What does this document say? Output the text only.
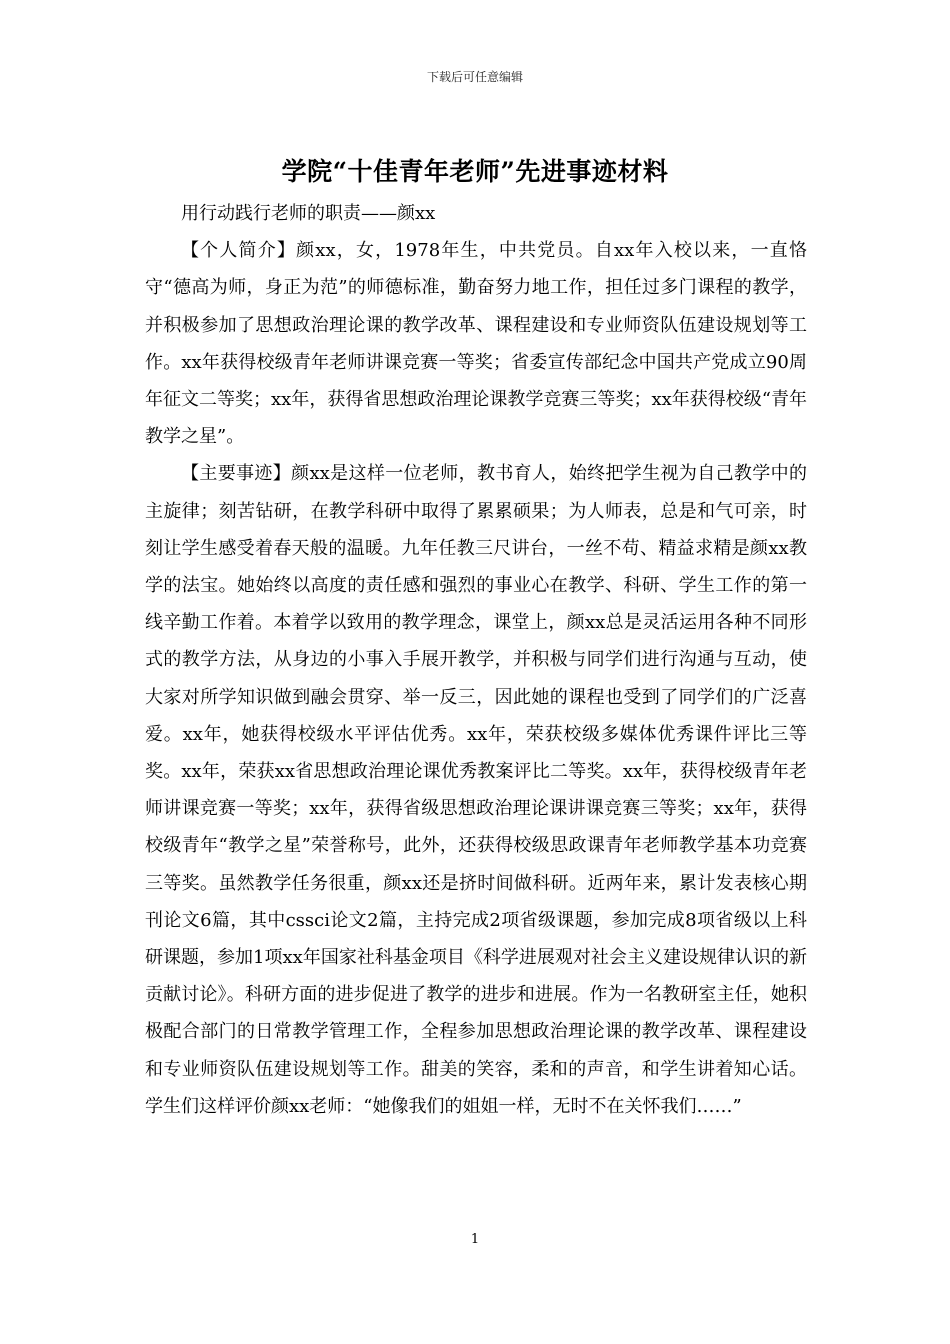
下载后可任意编辑
学院“十佳青年老师”先进事迹材料

用行动践行老师的职责——颜xx

【个人简介】颜xx，女，1978年生，中共党员。自xx年入校以来，一直恪守“德高为师，身正为范”的师德标准，勤奋努力地工作，担任过多门课程的教学，并积极参加了思想政治理论课的教学改革、课程建设和专业师资队伍建设规划等工作。xx年获得校级青年老师讲课竞赛一等奖；省委宣传部纪念中国共产党成立90周年征文二等奖；xx年，获得省思想政治理论课教学竞赛三等奖；xx年获得校级“青年教学之星”。

【主要事迹】颜xx是这样一位老师，教书育人，始终把学生视为自己教学中的主旋律；刻苦钻研，在教学科研中取得了累累硕果；为人师表，总是和气可亲，时刻让学生感受着春天般的温暖。九年任教三尺讲台，一丝不苟、精益求精是颜xx教学的法宝。她始终以高度的责任感和强烈的事业心在教学、科研、学生工作的第一线辛勤工作着。本着学以致用的教学理念，课堂上，颜xx总是灵活运用各种不同形式的教学方法，从身边的小事入手展开教学，并积极与同学们进行沟通与互动，使大家对所学知识做到融会贯穿、举一反三，因此她的课程也受到了同学们的广泛喜爱。xx年，她获得校级水平评估优秀。xx年，荣获校级多媒体优秀课件评比三等奖。xx年，荣获xx省思想政治理论课优秀教案评比二等奖。xx年，获得校级青年老师讲课竞赛一等奖；xx年，获得省级思想政治理论课讲课竞赛三等奖；xx年，获得校级青年“教学之星”荣誉称号，此外，还获得校级思政课青年老师教学基本功竞赛三等奖。虽然教学任务很重，颜xx还是挤时间做科研。近两年来，累计发表核心期刊论文6篇，其中cssci论文2篇，主持完成2项省级课题，参加完成8项省级以上科研课题，参加1项xx年国家社科基金项目《科学进展观对社会主义建设规律认识的新贡献讨论》。科研方面的进步促进了教学的进步和进展。作为一名教研室主任，她积极配合部门的日常教学管理工作，全程参加思想政治理论课的教学改革、课程建设和专业师资队伍建设规划等工作。甜美的笑容，柔和的声音，和学生讲着知心话。学生们这样评价颜xx老师：“她像我们的姐姐一样，无时不在关怀我们……”

1
